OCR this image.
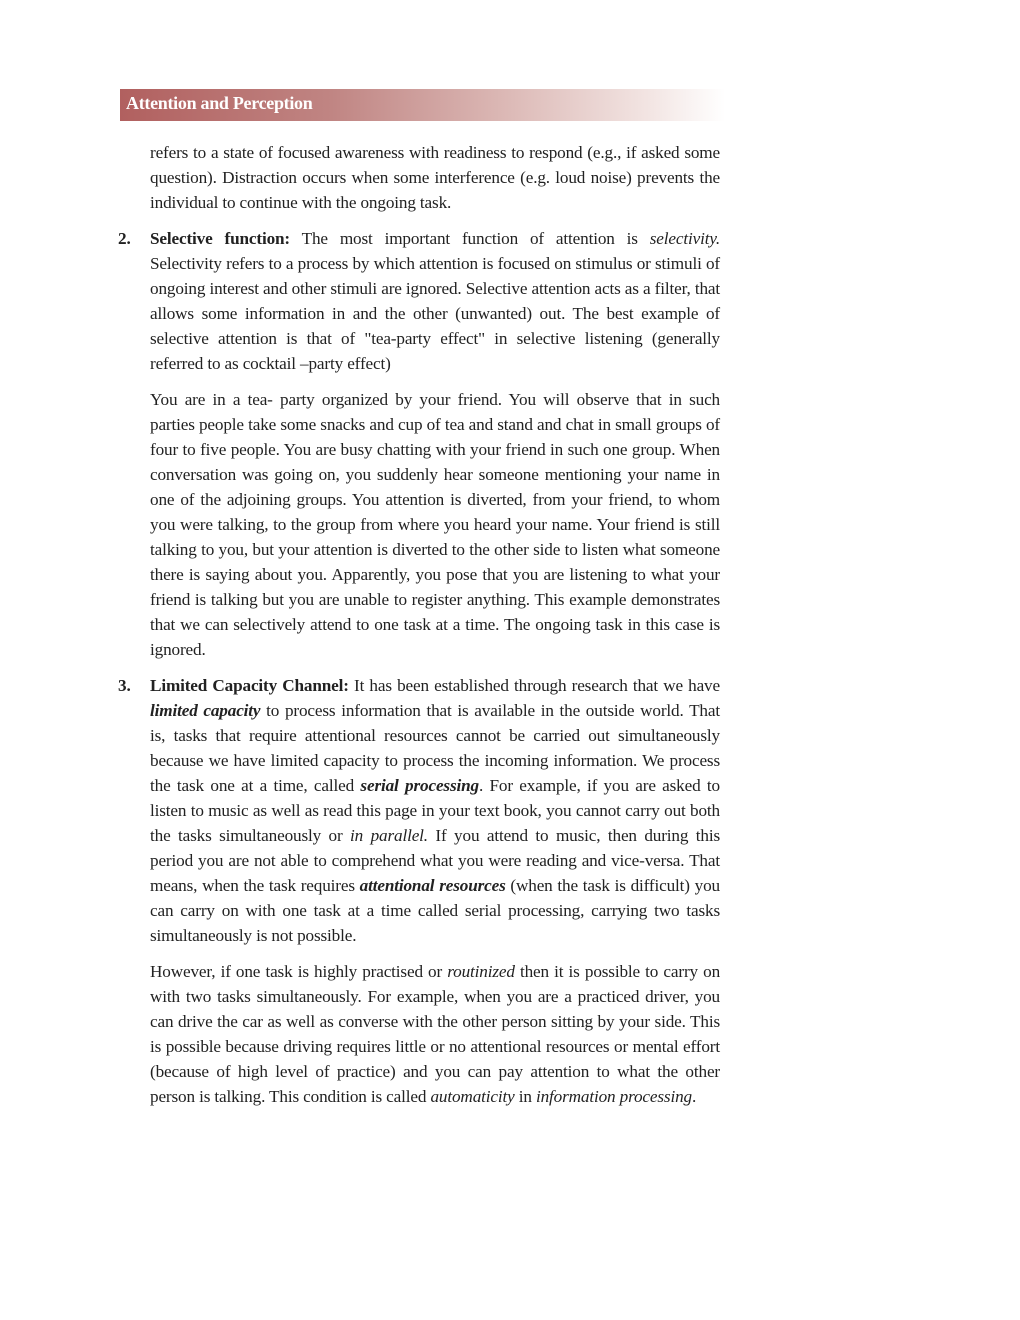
Attention and Perception

refers to a state of focused awareness with readiness to respond (e.g., if asked some question). Distraction occurs when some interference (e.g. loud noise) prevents the individual to continue with the ongoing task.

2. Selective function: The most important function of attention is selectivity. Selectivity refers to a process by which attention is focused on stimulus or stimuli of ongoing interest and other stimuli are ignored. Selective attention acts as a filter, that allows some information in and the other (unwanted) out. The best example of selective attention is that of "tea-party effect" in selective listening (generally referred to as cocktail –party effect)

You are in a tea- party organized by your friend. You will observe that in such parties people take some snacks and cup of tea and stand and chat in small groups of four to five people. You are busy chatting with your friend in such one group. When conversation was going on, you suddenly hear someone mentioning your name in one of the adjoining groups. You attention is diverted, from your friend, to whom you were talking, to the group from where you heard your name. Your friend is still talking to you, but your attention is diverted to the other side to listen what someone there is saying about you. Apparently, you pose that you are listening to what your friend is talking but you are unable to register anything. This example demonstrates that we can selectively attend to one task at a time. The ongoing task in this case is ignored.

3. Limited Capacity Channel: It has been established through research that we have limited capacity to process information that is available in the outside world. That is, tasks that require attentional resources cannot be carried out simultaneously because we have limited capacity to process the incoming information. We process the task one at a time, called serial processing. For example, if you are asked to listen to music as well as read this page in your text book, you cannot carry out both the tasks simultaneously or in parallel. If you attend to music, then during this period you are not able to comprehend what you were reading and vice-versa. That means, when the task requires attentional resources (when the task is difficult) you can carry on with one task at a time called serial processing, carrying two tasks simultaneously is not possible.

However, if one task is highly practised or routinized then it is possible to carry on with two tasks simultaneously. For example, when you are a practiced driver, you can drive the car as well as converse with the other person sitting by your side. This is possible because driving requires little or no attentional resources or mental effort (because of high level of practice) and you can pay attention to what the other person is talking. This condition is called automaticity in information processing.
